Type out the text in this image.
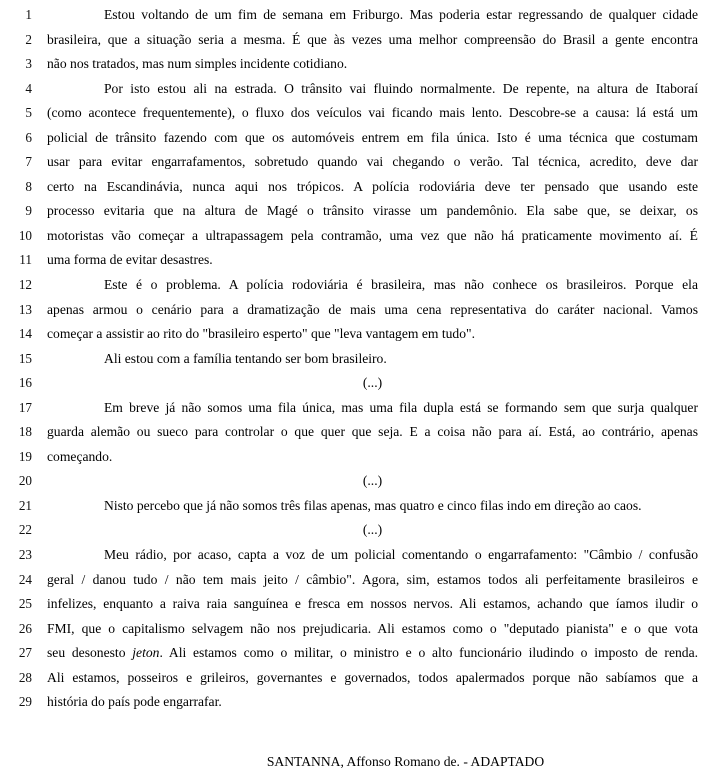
1	Estou voltando de um fim de semana em Friburgo. Mas poderia estar regressando de qualquer cidade
2 brasileira, que a situação seria a mesma. É que às vezes uma melhor compreensão do Brasil a gente encontra
3 não nos tratados, mas num simples incidente cotidiano.
4	Por isto estou ali na estrada. O trânsito vai fluindo normalmente. De repente, na altura de Itaboraí
5 (como acontece frequentemente), o fluxo dos veículos vai ficando mais lento. Descobre-se a causa: lá está um
6 policial de trânsito fazendo com que os automóveis entrem em fila única. Isto é uma técnica que costumam
7 usar para evitar engarrafamentos, sobretudo quando vai chegando o verão. Tal técnica, acredito, deve dar
8 certo na Escandinávia, nunca aqui nos trópicos. A polícia rodoviária deve ter pensado que usando este
9 processo evitaria que na altura de Magé o trânsito virasse um pandemônio. Ela sabe que, se deixar, os
10 motoristas vão começar a ultrapassagem pela contramão, uma vez que não há praticamente movimento aí. É
11 uma forma de evitar desastres.
12	Este é o problema. A polícia rodoviária é brasileira, mas não conhece os brasileiros. Porque ela
13 apenas armou o cenário para a dramatização de mais uma cena representativa do caráter nacional. Vamos
14 começar a assistir ao rito do "brasileiro esperto" que "leva vantagem em tudo".
15	Ali estou com a família tentando ser bom brasileiro.
16	(...)
17	Em breve já não somos uma fila única, mas uma fila dupla está se formando sem que surja qualquer
18 guarda alemão ou sueco para controlar o que quer que seja. E a coisa não para aí. Está, ao contrário, apenas
19 começando.
20	(...)
21	Nisto percebo que já não somos três filas apenas, mas quatro e cinco filas indo em direção ao caos.
22	(...)
23	Meu rádio, por acaso, capta a voz de um policial comentando o engarrafamento: "Câmbio / confusão
24 geral / danou tudo / não tem mais jeito / câmbio". Agora, sim, estamos todos ali perfeitamente brasileiros e
25 infelizes, enquanto a raiva raia sanguínea e fresca em nossos nervos. Ali estamos, achando que íamos iludir o
26 FMI, que o capitalismo selvagem não nos prejudicaria. Ali estamos como o "deputado pianista" e o que vota
27 seu desonesto jeton. Ali estamos como o militar, o ministro e o alto funcionário iludindo o imposto de renda.
28 Ali estamos, posseiros e grileiros, governantes e governados, todos apalermados porque não sabíamos que a
29 história do país pode engarrafar.
SANTANNA, Affonso Romano de. - ADAPTADO
